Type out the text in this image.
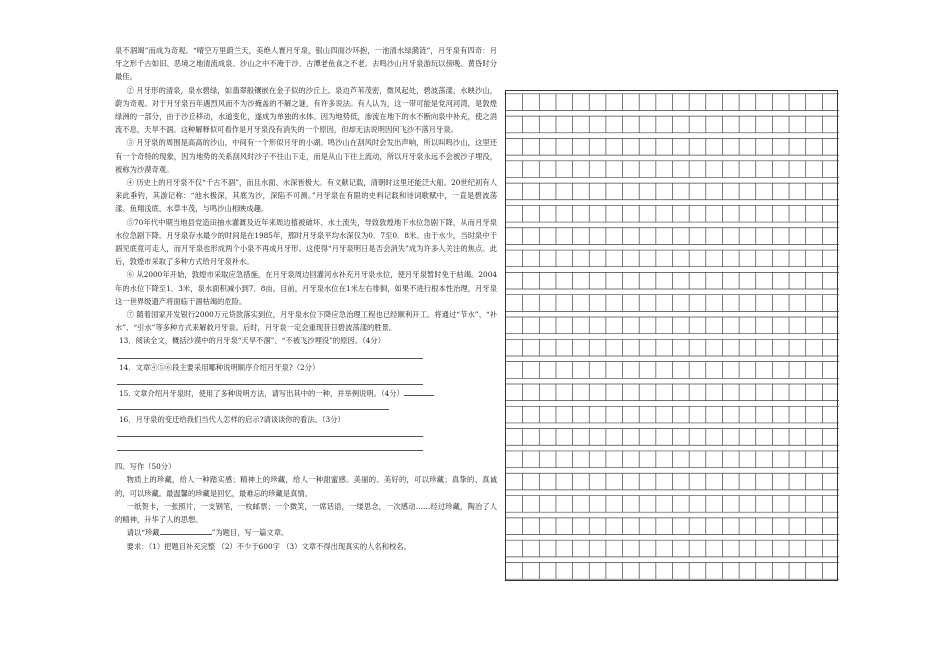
泉不涸竭”而成为奇观。“晴空万里蔚兰天，美绝人寰月牙泉，银山四面沙环抱，一池清水绿漪涟”，月牙泉有四奇：月牙之形千古如旧、恶境之地清流成泉、沙山之中不淹于沙、古潭老鱼食之不老。去鸣沙山月牙泉游玩以傍晚、黄昏时分最佳。

② 月牙形的清泉，泉水碧绿，如翡翠般镶嵌在金子似的沙丘上。泉边芦苇茂密，微风起处，碧波荡漾，水映沙山，蔚为奇观。对于月牙泉百年遇烈风而不为沙掩盖的不解之谜，有许多说法。有人认为，这一带可能是党河河湾，是敦煌绿洲的一部分，由于沙丘移动，水道变化，遂成为单独的水体。因为地势低，渗流在地下的水不断向泉中补充，使之涓流不息，天旱不涸。这种解释似可看作是月牙泉没有消失的一个原因，但却无法说明因何飞沙不落月牙泉。

③ 月牙泉的周围是高高的沙山，中间有一个形似月牙的小湖。鸣沙山在刮风时会发出声响，所以叫鸣沙山，这里还有一个奇特的现象，因为地势的关系刮风时沙子不往山下走，而是从山下往上流动，所以月牙泉永远不会被沙子埋没，被称为沙漠奇观。

④ 历史上的月牙泉不仅“千古不涸”，而且水面、水深皆极大。有文献记载，清朝时这里还能泛大船。20世纪初有人来此垂钓，其游记称：“池水极深，其底为沙，深陷不可测。”月牙泉在有限的史料记载和诗词歌赋中，一直是碧波荡漾、鱼翔浅底、水草丰茂，与鸣沙山相映成趣。

⑤70年代中期当地县党造田抽水灌溉及近年来周边植被破坏、水土流失，导致敦煌地下水位急剧下降，从而月牙泉水位急剧下降。月牙泉存水最少的时间是在1985年，那时月牙泉平均水深仅为0．7至0．8米。由于水少，当时泉中干涸见底竟可走人，而月牙泉也形成两个小泉不再成月牙形。这使得“月牙泉明日是否会消失”成为许多人关注的焦点。此后，敦煌市采取了多种方式给月牙泉补水。

⑥ 从2000年开始，敦煌市采取应急措施，在月牙泉周边回灌河水补充月牙泉水位，使月牙泉暂时免于枯竭。2004年的水位下降至1．3米，泉水面积减小到7．8亩，目前，月牙泉水位在1米左右徘徊，如果不进行根本性治理，月牙泉这一世界级遗产将面临干涸枯竭的危险。

⑦ 随着国家开发银行2000万元贷款落实到位，月牙泉水位下降应急治理工程也已经顺利开工。将通过“节水”、“补水”、“引水”等多种方式来解救月牙泉。后时，月牙泉一定会重现昔日碧波荡漾的胜景。

13．阅读全文，概括沙漠中的月牙泉“天旱不涸”、“不被飞沙埋没”的原因。（4分）

14．文章④⑤⑥段主要采用哪种说明顺序介绍月牙泉?（2分）

15. 文章介绍月牙泉时，使用了多种说明方法，请写出其中的一种，并举例说明。（4分）

16．月牙泉的变迁给我们当代人怎样的启示?请谈谈你的看法。（3分）

四、写作（50分）

物质上的珍藏，给人一种踏实感；精神上的珍藏，给人一种甜蜜感。美丽的、美好的，可以珍藏；真挚的、真诚的，可以珍藏。最温馨的珍藏是回忆，最难忘的珍藏是真情。

一纸贺卡，一张照片，一支钢笔，一枚邮票；一个微笑，一席话语，一缕思念，一次感动……经过珍藏，陶冶了人的精神，升华了人的思想。

请以“珍藏	”为题目，写一篇文章。

要求：（1）把题目补充完整 （2）不少于600字 （3）文章不得出现真实的人名和校名。
